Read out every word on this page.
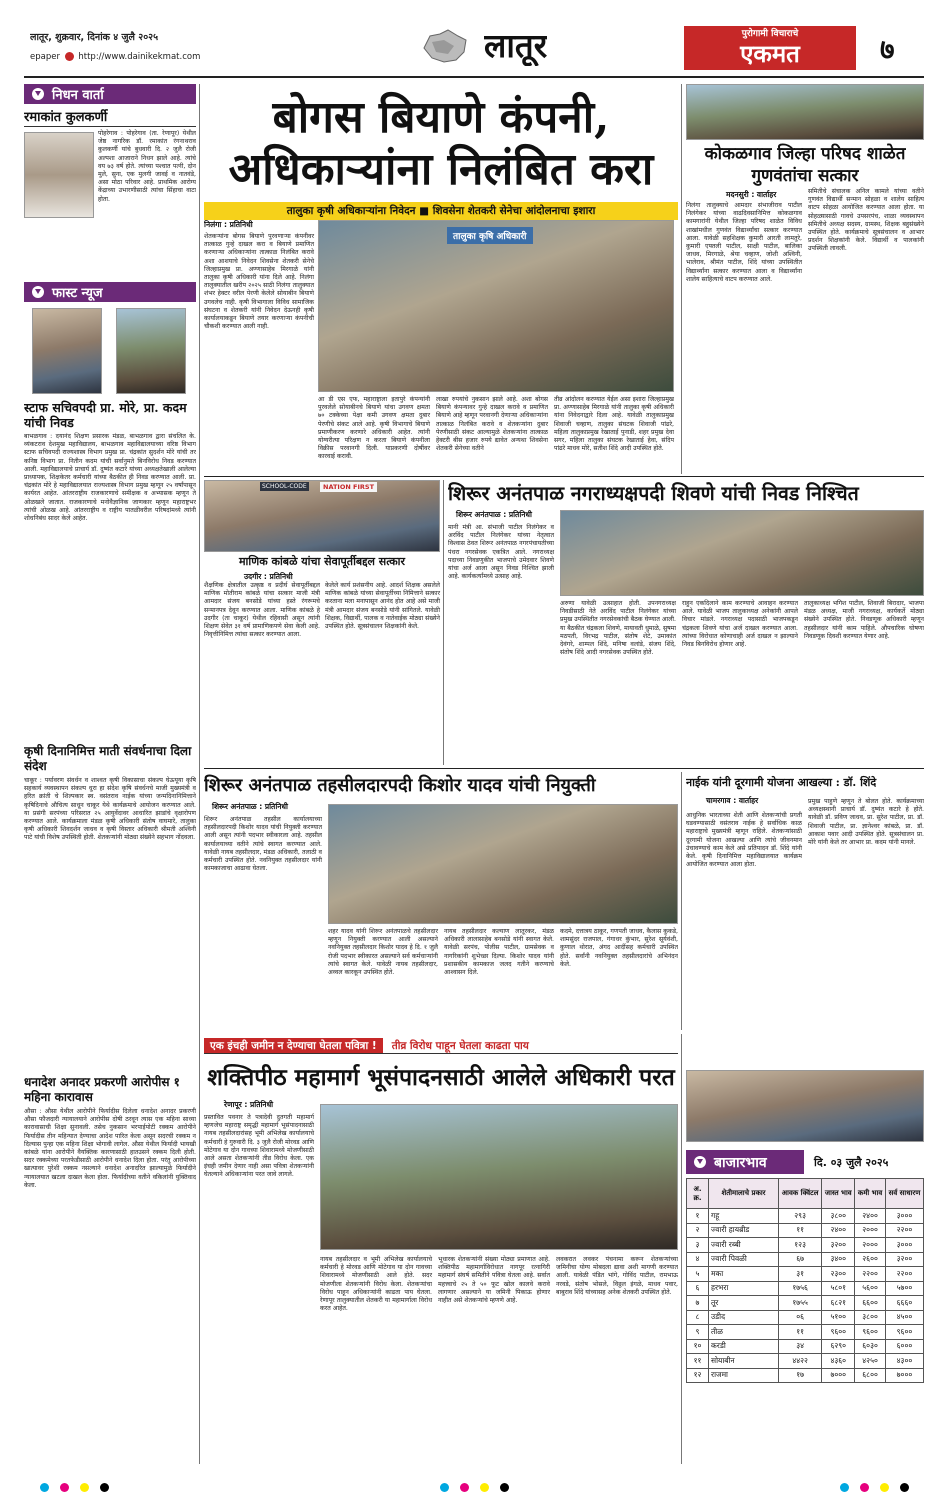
लातूर, शुक्रवार, दिनांक ४ जुलै २०२५
epaper http://www.dainikekmat.com	लातूर	पुरोगामी विचाराचे
एकमत	७
निधन वार्ता
रमाकांत कुलकर्णी
पोहरेगाव : पोहरेगाव (ता. रेणापूर) येथील जेष्ठ नागरिक डॉ. रमाकांत रंगनाथराव कुलकर्णी यांचे बुधवारी दि. २ जुलै रोजी अल्पशा आजाराने निधन झाले आहे. त्यांचे वय ७३ वर्ष होते. त्यांच्या पश्चात पत्नी, दोन मुले, सुना, एक मुलगी जावई व नातवंडे, असा मोठा परिवार आहे. प्राथमिक आरोग्य केंद्राच्या उभारणीसाठी त्यांचा सिंहाचा वाटा होता.
फास्ट न्यूज
स्टाफ सचिवपदी प्रा. मोरे, प्रा. कदम यांची निवड
बाभळगाव : दयानंद शिक्षण प्रसारक मंडळ, बाभळगाव द्वारा संचलित के. व्यंकटराव देशमुख महाविद्यालय, बाभळगाव महाविद्यालयाच्या वरिष्ठ विभाग स्टाफ सचिवपदी राज्यशास्त्र विभाग प्रमुख प्रा. चंद्रकांत सुदर्शन मोरे यांची तर कनिष्ठ विभाग प्रा. नितीन कदम यांची सर्वानुमते बिनविरोध निवड करण्यात आली. महाविद्यालयाचे प्राचार्य डॉ. दुष्यंत कटारे यांच्या अध्यक्षतेखाली आलेल्या प्राध्यापक, शिक्षकेतर कर्मचारी यांच्या बैठकीत ही निवड करण्यात आली. प्रा. चंद्रकांत मोरे हे महाविद्यालयात राज्यशास्त्र विभाग प्रमुख म्हणून २५ वर्षांपासून कार्यरत आहेत. आंतरराष्ट्रीय राजकारणाचे समीक्षक व अभ्यासक म्हणून ते ओळखले जातात. राजकारणाचे मनोवैज्ञानिक जाणकार म्हणून महाराष्ट्रभर त्यांची ओळख आहे. आंतरराष्ट्रीय व राष्ट्रीय पातळीवरील परिषदांमध्ये त्यांनी शोधनिबंध सादर केले आहेत.
कृषी दिनानिमित्त माती संवर्धनाचा दिला संदेश
चाकूर : पर्यावरण संवर्धन व शाश्वत कृषी विकासाचा संकल्प घेऊयूया कृषि सहकार्य व्यवस्थापन संकल्प धुरा हा संदेश कृषि संवर्धनचे माजी मुख्यमंत्री व हरित क्रांती चे शिल्पकार स्व. वसंतराव नाईक यांच्या जन्मदिनानिमित्ताने कृषिदिनाचे औचित्य साधून चाकूर येथे कार्यक्रमाचे आयोजन करण्यात आले. या प्रसंगी सरपंच्या परिसरात २५ आयुर्वेदावर आधारित झाडांचे वृक्षारोपण करण्यात आले. कार्यक्रमाला मंडळ कृषी अधिकारी संतोष वाघमारे, तालुका कृषी अधिकारी शिवदर्शन जाधव व कृषी विस्तार अधिकारी श्रीमती अश्विनी पाटे यांची विशेष उपस्थिती होती. शेतकऱ्यांनी मोठ्या संख्येने सहभाग नोंदवला.
धनादेश अनादर प्रकरणी आरोपीस १ महिना कारावास
औसा : औसा येथील आरोपीने फिर्यादीस दिलेला धनादेश अनादर प्रकरणी औसा फौजदारी न्यायालयाने आरोपीस दोषी ठरवून त्यास एक महिना साध्या कारावासाची शिक्षा सुनावली. तसेच नुकसान भरपाईपोटी रक्कम आरोपीने फिर्यादीस तीन महिन्यात देण्याचा आदेश पारित केला असून सदरची रक्कम न दिल्यास पुन्हा एक महिना शिक्षा भोगावी लागेल. औसा येथील फिर्यादी भायखी कांबळे यांना आरोपीने वैयक्तिक कारणासाठी हातउसने रक्कम दिली होती. सदर रक्कमेच्या परतफेडीसाठी आरोपीने धनादेश दिला होता. परंतु आरोपीच्या खात्यावर पुरेशी रक्कम नसल्याने धनादेश अनादरित झाल्यामुळे फिर्यादीने न्यायालयात खटला दाखल केला होता. फिर्यादीच्या वतीने वकिलांनी युक्तिवाद केला.
बोगस बियाणे कंपनी,
अधिकाऱ्यांना निलंबित करा
तालुका कृषी अधिकाऱ्यांना निवेदन ■ शिवसेना शेतकरी सेनेचा आंदोलनाचा इशारा
निलंगा : प्रतिनिधी
शेतकऱ्यांना बोगस बियाणे पुरवणाऱ्या कंपनीवर तात्काळ गुन्हे दाखल करा व बियाणे प्रमाणित करणाऱ्या अधिकाऱ्यांना तात्काळ निलंबित करावे अशा आशयाचे निवेदन शिवसेना शेतकरी सेनेचे जिल्हाप्रमुख प्रा. अण्णासाहेब मिरगाळे यांनी तालुका कृषी अधिकारी यांना दिले आहे. निलंगा तालुक्यातील खरीप २०२५ साठी निलंगा तालुक्यात शंभर हेक्टर वरील पेरणी केलेले सोयाबीन बियाणे उगवलेच नाही. कृषी विभागाला विविध सामाजिक संघटना व शेतकरी यांनी निवेदन देऊनही कृषी कार्यालयाकडून बियाणे तयार करणाऱ्या कंपनीची चौकशी करण्यात आली नाही.
तालुका कृषि अधिकारी
आ डी एस एफ, महाराष्ट्राला इतापुरे कंपन्यांनी पुरवलेले सोयाबीनचे बियाणे यांचा उगवण क्षमता ७० टक्केच्या पेक्षा कमी उगवण क्षमता दुबार पेरणीचे संकट आले आहे. कृषी विभागाचे बियाणे प्रमाणीकरण करणारे अधिकारी आहेत. त्यांनी योग्यरीत्या परिक्षण न करता बियाणे कंपनीला विक्रीस परवानगी दिली. याप्रकरणी दोषींवर कारवाई करावी.
लाखा रुपयांचे नुकसान झाले आहे. अशा बोगस बियाणे कंपन्यावर गुन्हे दाखल करावे व प्रमाणित बियाणे आहे म्हणून परवानगी देणाऱ्या अधिकाऱ्यांना तात्काळ निलंबित करावे व शेतकऱ्यांना दुबार पेरणीसाठी संकट आल्यामुळे शेतकऱ्यांना तात्काळ हेक्टरी बीस हजार रुपये द्यावेत अन्यथा शिवसेना शेतकरी सेनेच्या वतीने
तीव्र आंदोलन करण्यात येईल असा इशारा जिल्हाप्रमुख प्रा. अण्णासाहेब मिरगाळे यांनी तालुका कृषी अधिकारी यांना निवेदनाद्वारे दिला आहे. यावेळी तालुकाप्रमुख शिवाजी चव्हाण, तालुका संघटक शिवाजी पांढरे, महिला तालुकाप्रमुख रेखाताई पुनाडी, शहर प्रमुख देवा सगर, महिला तालुका संघटक रेखाताई हेवा, संदिप पांढरे माधव मोरे, सतीश शिंदे आदी उपस्थित होते.
कोकळगाव जिल्हा परिषद शाळेत गुणवंतांचा सत्कार
मदनसुरी : वार्ताहर
निलंगा तालुक्याचे आमदार संभाजीराव पाटील निलंगेकर यांच्या वाढदिवसानिमित्त कोकळगाव कामगारांनी येथील जिल्हा परिषद शाळेत विविध शाखांमधील गुणवंत विद्यार्थ्यांचा सत्कार करण्यात आला. यावेळी सहशिक्षक कुमारी आरती लामतुरे, कुमारी एफ्तली पाटील, साक्षी पाटील, बालिका जाधव, मिरगाळे, श्रेया चव्हाण, जोशी अश्विनी, भालेराव, श्रीमंत पाटील, शिंदे यांच्या उपस्थितीत विद्यार्थ्यांना सत्कार करण्यात आला व विद्यार्थ्यांना शालेय साहित्याचे वाटप करण्यात आले.
समितीचे संचालक अनिल कामले यांच्या वतीने गुणवंत विद्यार्थी सन्मान सोहळा व शालेय साहित्य वाटप सोहळा आयोजित करण्यात आला होता. या सोहळ्यासाठी गावचे उपसरपंच, शाळा व्यवस्थापन समितीचे अध्यक्ष सदस्य, ग्रामस्थ, शिक्षक बहुसंख्येने उपस्थित होते. कार्यक्रमाचे सूत्रसंचालन व आभार प्रदर्शन शिक्षकांनी केले. विद्यार्थी व पालकांनी उपस्थिती लावली.
SCHOOL-CODE	NATION FIRST
माणिक कांबळे यांचा सेवापूर्तीबद्दल सत्कार
उदगीर : प्रतिनिधी
शैक्षणिक क्षेत्रातील उत्कृष्ठ व प्रदीर्घ सेवापूर्तीबद्दल माणिक मोतीराम कांबळे यांचा सत्कार माजी मंत्री आमदार संजय बनसोडे यांच्या हस्ते रंगरूमचे सन्मानपत्र देवून करण्यात आला. माणिक कांबळे हे उदगीर (ता चाकूर) येथील रहिवासी असून त्यांनी शिक्षण सेवेत ३१ वर्ष प्रामाणिकपणे सेवा केली आहे. निवृत्तीनिमित्त त्यांचा सत्कार करण्यात आला.
केलेले कार्य प्रशंसनीय आहे. आदर्श शिक्षक असलेले माणिक कांबळे यांच्या सेवापूर्तीच्या निमित्ताने सत्कार करताना मला मनापासून आनंद होत आहे असे माजी मंत्री आमदार संजय बनसोडे यांनी सांगितले. यावेळी शिक्षक, विद्यार्थी, पालक व नातेवाईक मोठ्या संख्येने उपस्थित होते. सूत्रसंचालन शिक्षकांनी केले.
शिरूर अनंतपाळ नगराध्यक्षपदी शिवणे यांची निवड निश्चित
शिरूर अनंतपाळ : प्रतिनिधी
मानी मंत्री आ. संभाजी पाटील निलंगेकर व अरविंद पाटील निलंगेकर यांच्या नेतृत्वात विश्वास ठेवत शिरूर अनंतपाळ नगरपंचायतीच्या पंधरा नगरसेवक एकत्रित आले. नगराध्यक्ष पदाच्या निवडणुकीत भाजपाचे उमेदवार शिवणे यांचा अर्ज आला असून निवड निश्चित झाली आहे. कार्यकर्त्यांमध्ये उत्साह आहे.
अरुणा यावेळी उत्साहात होती. उपनगराध्यक्ष निवडीसाठी नेते अरविंद पाटील निलंगेकर यांच्या प्रमुख उपस्थितीत नगरसेवकांची बैठक घेण्यात आली. या बैठकीत चंद्रकला शिवणे, मायावती धुमाळे, सुषमा मठपती, विरभद्र पाटील, संतोष शेटे, उमाकांत देवंगरे, शाम्पल शिंदे, मनिषा वलांडे, संजय शिंदे, संतोष शिंदे आदी नगरसेवक उपस्थित होते.
राहुन एकदिलाने काम करण्याचे आवाहन करण्यात आले. यावेळी भाजप तालुकाध्यक्ष अनेकांनी आपले विचार मांडले. नगराध्यक्ष पदासाठी भाजपकडून चंद्रकला शिवणे यांचा अर्ज दाखल करण्यात आला. त्यांच्या विरोधात कोणाचाही अर्ज दाखल न झाल्याने निवड बिनविरोध होणार आहे.
तालुकाध्यक्ष भगिश पाटील, शिवाजी बिरादार, भाजपा मंडळ अध्यक्ष, माजी नगराध्यक्ष, कार्यकर्ते मोठ्या संख्येने उपस्थित होते. निवडणूक अधिकारी म्हणून तहसीलदार यांनी काम पाहिले. औपचारिक घोषणा निवडणूक दिवशी करण्यात येणार आहे.
शिरूर अनंतपाळ तहसीलदारपदी किशोर यादव यांची नियुक्ती
शिरूर अनंतपाळ : प्रतिनिधी
शिरूर अनंतपाळ तहसील कार्यालयाच्या तहसीलदारपदी किशोर यादव यांची नियुक्ती करण्यात आली असून त्यांनी पदभार स्वीकारला आहे. तहसील कार्यालयाच्या वतीने त्यांचे स्वागत करण्यात आले. यावेळी नायब तहसीलदार, मंडळ अधिकारी, तलाठी व कर्मचारी उपस्थित होते. नवनियुक्त तहसीलदार यांनी कामकाजाचा आढावा घेतला.
शहर यादव यांनी शिरूर अनंतपाळचे तहसीलदार म्हणून नियुक्ती करण्यात आली असल्याने नवनियुक्त तहसीलदार किशोर यादव हे दि. १ जुलै रोजी पदभार स्वीकारत असल्याने सर्व कर्मचाऱ्यांनी त्यांचे स्वागत केले. यावेळी नायब तहसीलदार, अव्वल कारकून उपस्थित होते.
नायब तहसीलदार कल्याण लातूरकर, मंडळ अधिकारी लालासाहेब बनसोडे यांनी स्वागत केले. यावेळी सरपंच, पोलीस पाटील, ग्रामसेवक व नागरिकांनी शुभेच्छा दिल्या. किशोर यादव यांनी प्रशासकीय कामकाज जलद गतीने करण्याचे आश्वासन दिले.
कदमे, दत्तात्रय ठाकूर, गणपती जाधव, कैलास कुकडे, शामसुंदर राजपाल, गंगाधर कुंभार, सुरेश सूर्यवंशी, कुणाल थोरात, अंगद आदींसह कर्मचारी उपस्थित होते. सर्वांनी नवनियुक्त तहसीलदारांचे अभिनंदन केले.
नाईक यांनी दूरगामी योजना आखल्या : डॉ. शिंदे
चामरगाव : वार्ताहर
आधुनिक भारताच्या शेती आणि शेतकऱ्यांची प्रगती घडवण्यासाठी वसंतराव नाईक हे सर्वाधिक काळ महाराष्ट्राचे मुख्यमंत्री म्हणून राहिले. शेतकऱ्यांसाठी दूरगामी योजना आखल्या आणि त्यांचे जीवनमान उंचावण्याचे काम केले असे प्रतिपादन डॉ. शिंदे यांनी केले. कृषी दिनानिमित्त महाविद्यालयात कार्यक्रम आयोजित करण्यात आला होता.
प्रमुख पाहुणे म्हणून ते बोलत होते. कार्यक्रमाच्या अध्यक्षस्थानी प्राचार्य डॉ. दुष्यंत कटारे हे होते. यावेळी डॉ. प्रविण जाधव, प्रा. सुरेश पाटील, प्रा. डॉ. शिवाजी पाटील, प्रा. ज्ञानेश्वर कांबळे, प्रा. डॉ. आकाश पवार आदी उपस्थित होते. सूत्रसंचालन प्रा. मोरे यांनी केले तर आभार प्रा. कदम यांनी मानले.
एक इंचही जमीन न देण्याचा घेतला पवित्रा ! तीव्र विरोध पाहून घेतला काढता पाय
शक्तिपीठ महामार्ग भूसंपादनसाठी आलेले अधिकारी परत
रेणापूर : प्रतिनिधी
प्रस्तावित पवनार ते पत्रादेवी दुतगती महामार्ग म्हणजेच महाराष्ट्र समृद्धी महामार्ग भूसंपादनासाठी नायब तहसीलदारांसह भूमी अभिलेख कार्यालयाचे कर्मचारी हे गुरुवारी दि. ३ जुलै रोजी मोरवड आणि मोटेगाव या दोन गावच्या शिवारामध्ये मोजणीसाठी आले असता शेतकऱ्यांनी तीव्र विरोध केला. एक इंचही जमीन देणार नाही असा पवित्रा शेतकऱ्यांनी घेतल्याने अधिकाऱ्यांना परत जावे लागले.
नायब तहसीलदार व भूमी अभिलेख कार्यालयाचे कर्मचारी हे मोरवड आणि मोटेगाव या दोन गावच्या शिवारामध्ये मोजणीसाठी आले होते. सदर मोजणीला शेतकऱ्यांनी विरोध केला. शेतकऱ्यांचा विरोध पाहून अधिकाऱ्यांनी काढता पाय घेतला. रेणापूर तालुक्यातील शेतकरी या महामार्गाला विरोध करत आहेत.
भूधारक शेतकऱ्यांनी संख्या मोठ्या प्रमाणात आहे. शक्तिपीठ महामार्गाविरोधात नागपूर रत्नागिरी महामार्ग संघर्ष समितीने पवित्रा घेतला आहे. सर्वात महत्त्वाचे २५ ते ५० फूट खोल कालवे करावे लागणार असल्याने या जमिनी पिकाऊ होणार नाहीत असे शेतकऱ्यांचे म्हणणे आहे.
लवकरात लवकर पंचनामा करून शेतकऱ्यांच्या जमिनीचा योग्य मोबदला द्यावा अशी मागणी करण्यात आली. यावेळी पंडित भांगे, गोविंद पाटील, रामभाऊ नरवडे, संतोष भोसले, विठ्ठल इंगळे, माधव पवार, बाबुराव शिंदे यांच्यासह अनेक शेतकरी उपस्थित होते.
बाजारभाव	दि. ०३ जुलै २०२५
अ. क्र.	शेतीमालाचे प्रकार	आवक क्विंटल	जास्त भाव	कमी भाव	सर्व साधारण
१	गहू	२९३	३८००	२४००	३०००
२	ज्वारी हायब्रीड	११	२४००	२०००	२२००
३	ज्वारी रब्बी	१२३	३२००	२०००	३०००
४	ज्वारी पिवळी	६७	३४००	२६००	३२००
५	मका	३१	२३००	२२००	२२००
६	हरभरा	१७५६	५८०१	५६००	५७००
७	तूर	१७५५	६८२१	६६००	६६६०
८	उडीद	०६	५१००	३८००	४५००
९	तीळ	११	९६००	९६००	९६००
१०	करडी	३४	६२९०	६०३०	६०००
११	सोयाबीन	४४२२	४३६०	४२५०	४३००
१२	राजमा	१७	७०००	६८००	७०००
